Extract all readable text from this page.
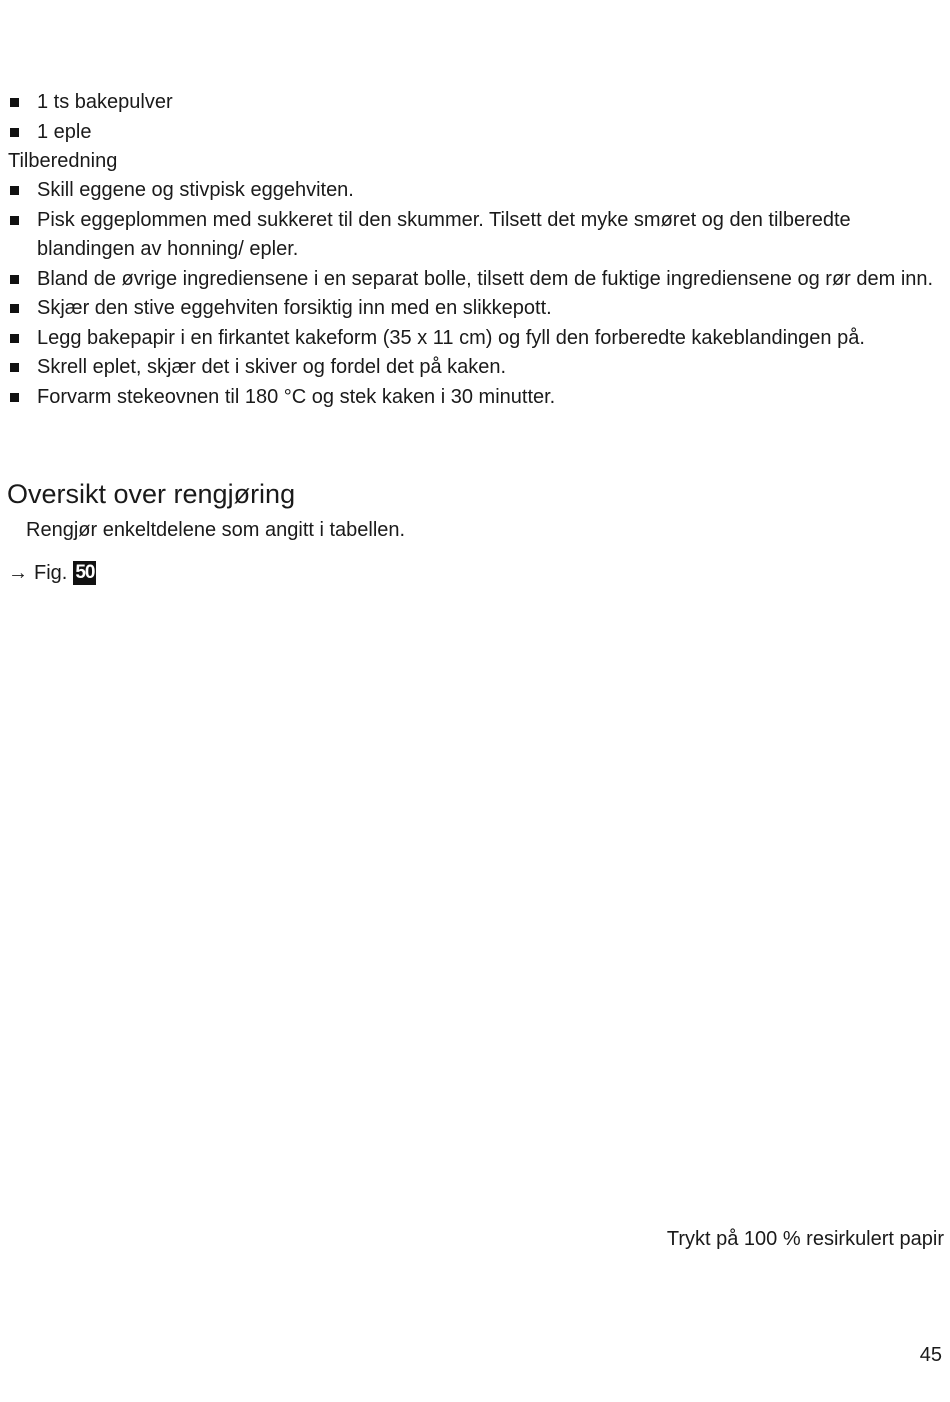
1 ts bakepulver
1 eple
Tilberedning
Skill eggene og stivpisk eggehviten.
Pisk eggeplommen med sukkeret til den skummer. Tilsett det myke smøret og den tilberedte blandingen av honning/ epler.
Bland de øvrige ingrediensene i en separat bolle, tilsett dem de fuktige ingrediensene og rør dem inn.
Skjær den stive eggehviten forsiktig inn med en slikkepott.
Legg bakepapir i en firkantet kakeform (35 x 11 cm) og fyll den forberedte kakeblandingen på.
Skrell eplet, skjær det i skiver og fordel det på kaken.
Forvarm stekeovnen til 180 °C og stek kaken i 30 minutter.
Oversikt over rengjøring
Rengjør enkeltdelene som angitt i tabellen.
→ Fig. 50
Trykt på 100 % resirkulert papir
45
